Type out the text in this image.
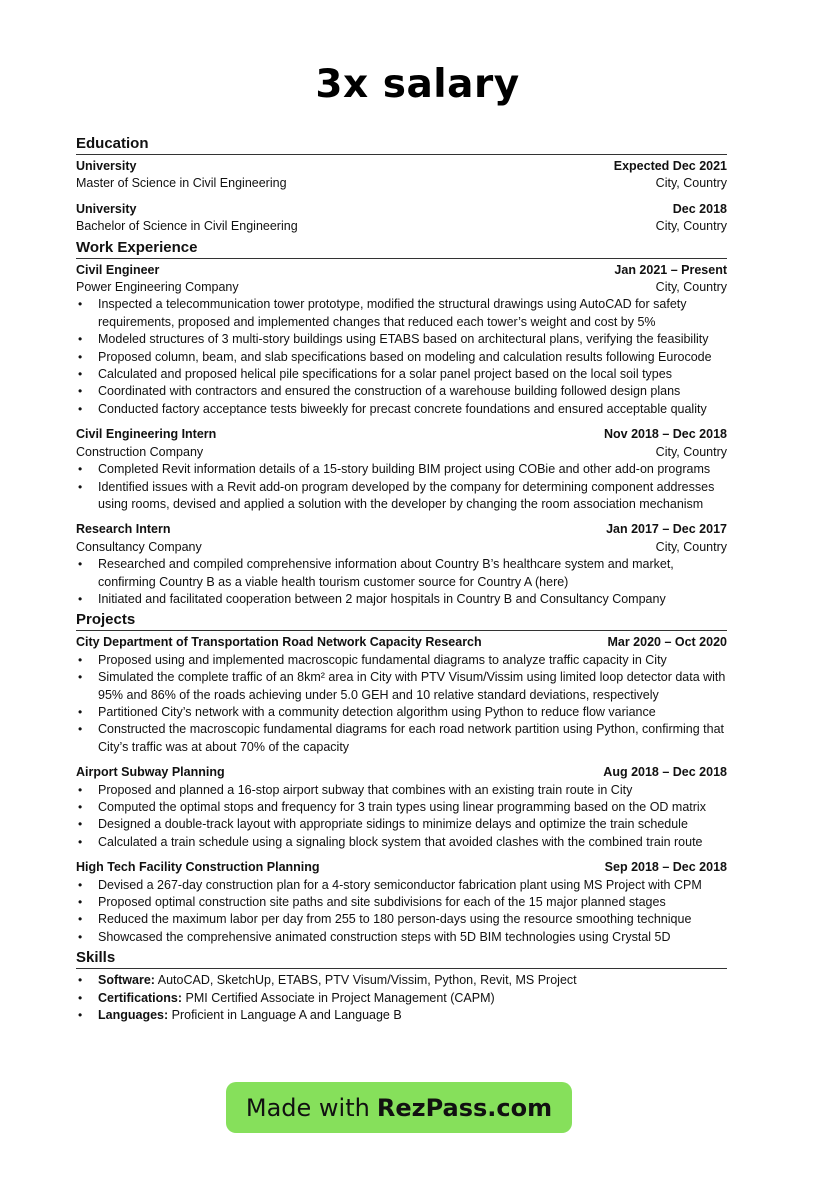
3x salary
Education
University	Expected Dec 2021
Master of Science in Civil Engineering	City, Country
University	Dec 2018
Bachelor of Science in Civil Engineering	City, Country
Work Experience
Civil Engineer	Jan 2021 – Present
Power Engineering Company	City, Country
• Inspected a telecommunication tower prototype, modified the structural drawings using AutoCAD for safety requirements, proposed and implemented changes that reduced each tower’s weight and cost by 5%
• Modeled structures of 3 multi-story buildings using ETABS based on architectural plans, verifying the feasibility
• Proposed column, beam, and slab specifications based on modeling and calculation results following Eurocode
• Calculated and proposed helical pile specifications for a solar panel project based on the local soil types
• Coordinated with contractors and ensured the construction of a warehouse building followed design plans
• Conducted factory acceptance tests biweekly for precast concrete foundations and ensured acceptable quality
Civil Engineering Intern	Nov 2018 – Dec 2018
Construction Company	City, Country
• Completed Revit information details of a 15-story building BIM project using COBie and other add-on programs
• Identified issues with a Revit add-on program developed by the company for determining component addresses using rooms, devised and applied a solution with the developer by changing the room association mechanism
Research Intern	Jan 2017 – Dec 2017
Consultancy Company	City, Country
• Researched and compiled comprehensive information about Country B’s healthcare system and market, confirming Country B as a viable health tourism customer source for Country A (here)
• Initiated and facilitated cooperation between 2 major hospitals in Country B and Consultancy Company
Projects
City Department of Transportation Road Network Capacity Research	Mar 2020 – Oct 2020
• Proposed using and implemented macroscopic fundamental diagrams to analyze traffic capacity in City
• Simulated the complete traffic of an 8km² area in City with PTV Visum/Vissim using limited loop detector data with 95% and 86% of the roads achieving under 5.0 GEH and 10 relative standard deviations, respectively
• Partitioned City’s network with a community detection algorithm using Python to reduce flow variance
• Constructed the macroscopic fundamental diagrams for each road network partition using Python, confirming that City’s traffic was at about 70% of the capacity
Airport Subway Planning	Aug 2018 – Dec 2018
• Proposed and planned a 16-stop airport subway that combines with an existing train route in City
• Computed the optimal stops and frequency for 3 train types using linear programming based on the OD matrix
• Designed a double-track layout with appropriate sidings to minimize delays and optimize the train schedule
• Calculated a train schedule using a signaling block system that avoided clashes with the combined train route
High Tech Facility Construction Planning	Sep 2018 – Dec 2018
• Devised a 267-day construction plan for a 4-story semiconductor fabrication plant using MS Project with CPM
• Proposed optimal construction site paths and site subdivisions for each of the 15 major planned stages
• Reduced the maximum labor per day from 255 to 180 person-days using the resource smoothing technique
• Showcased the comprehensive animated construction steps with 5D BIM technologies using Crystal 5D
Skills
• Software: AutoCAD, SketchUp, ETABS, PTV Visum/Vissim, Python, Revit, MS Project
• Certifications: PMI Certified Associate in Project Management (CAPM)
• Languages: Proficient in Language A and Language B
Made with RezPass.com
